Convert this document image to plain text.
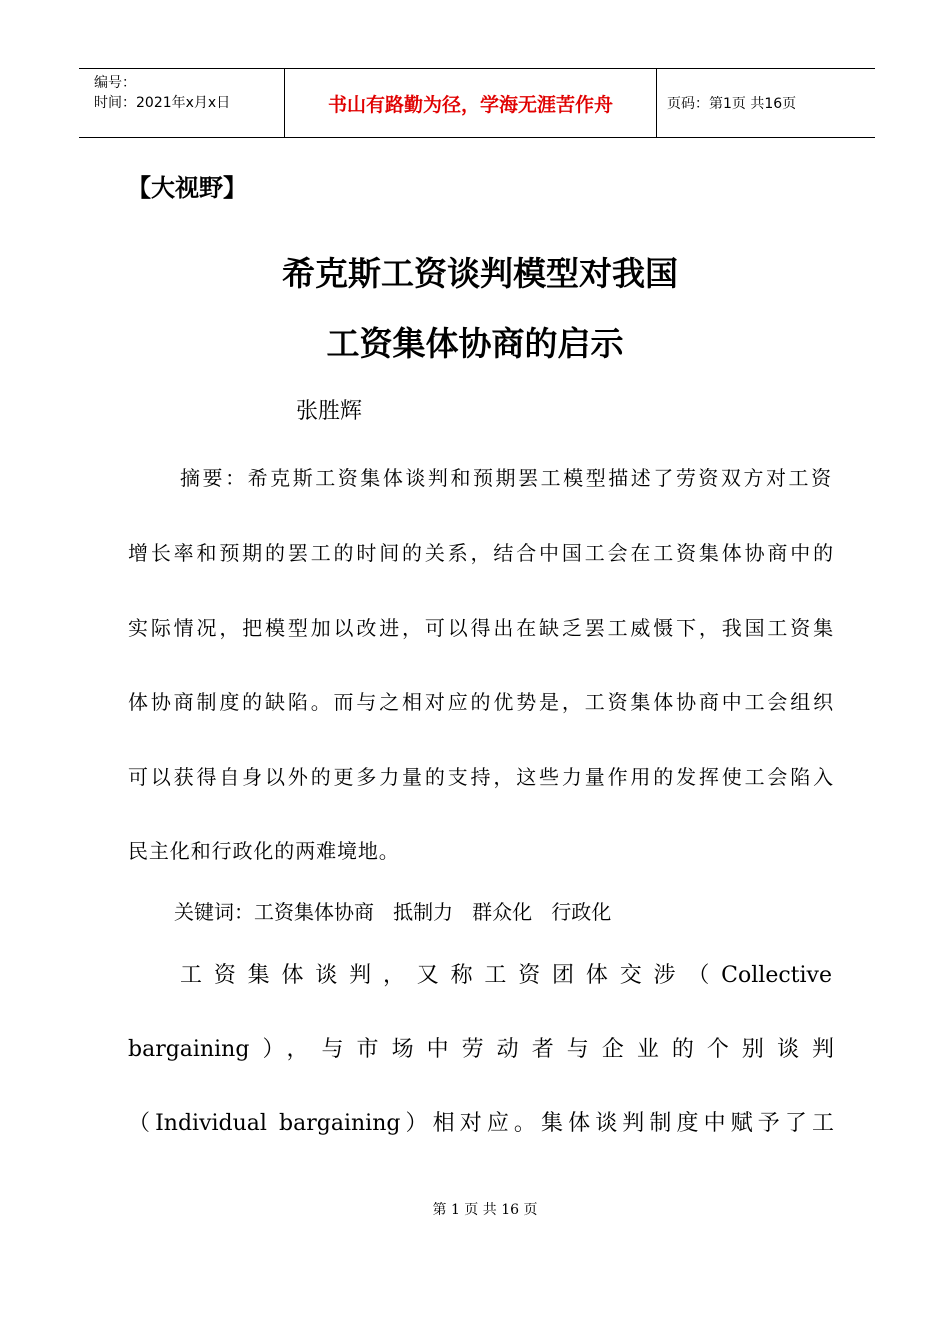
编号：
时间：2021年x月x日	书山有路勤为径，学海无涯苦作舟	页码：第1页 共16页
【大视野】
希克斯工资谈判模型对我国
工资集体协商的启示
张胜辉
摘要：希克斯工资集体谈判和预期罢工模型描述了劳资双方对工资
增长率和预期的罢工的时间的关系，结合中国工会在工资集体协商中的
实际情况，把模型加以改进，可以得出在缺乏罢工威慑下，我国工资集
体协商制度的缺陷。而与之相对应的优势是，工资集体协商中工会组织
可以获得自身以外的更多力量的支持，这些力量作用的发挥使工会陷入
民主化和行政化的两难境地。
关键词：工资集体协商   抵制力   群众化   行政化
工资集体谈判，又称工资团体交涉（Collective
bargaining），与市场中劳动者与企业的个别谈判
（Individual bargaining）相对应。集体谈判制度中赋予了工
第 1 页 共 16 页
